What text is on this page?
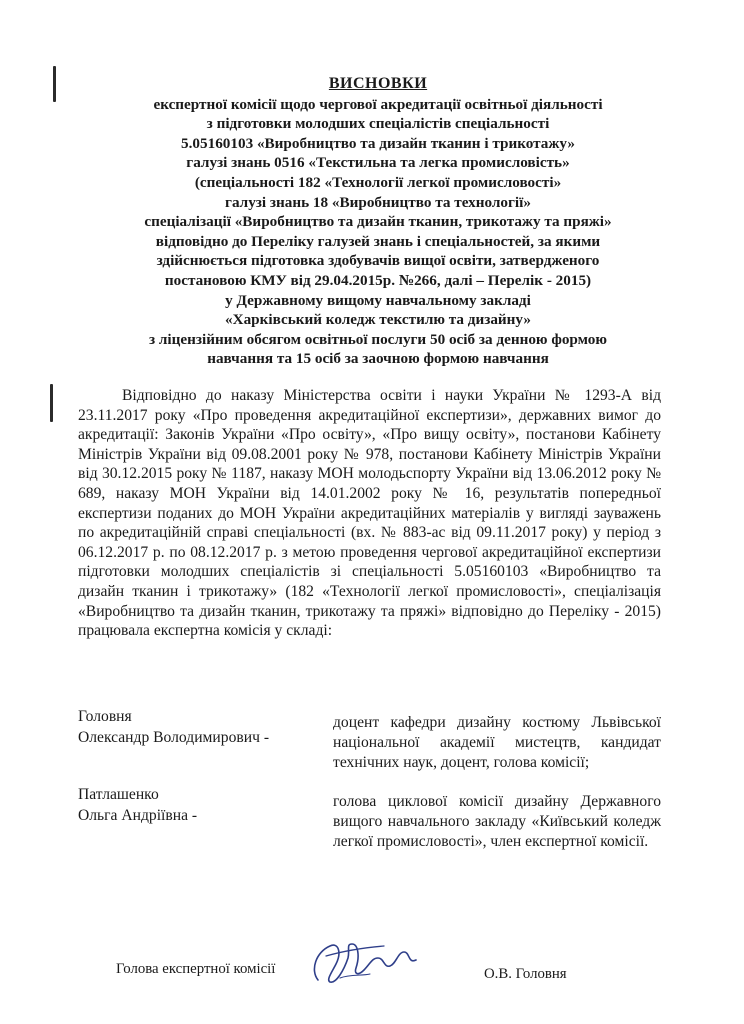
ВИСНОВКИ
експертної комісії щодо чергової акредитації освітньої діяльності
з підготовки молодших спеціалістів спеціальності
5.05160103 «Виробництво та дизайн тканин і трикотажу»
галузі знань 0516 «Текстильна та легка промисловість»
(спеціальності 182 «Технології легкої промисловості»
галузі знань 18 «Виробництво та технології»
спеціалізації «Виробництво та дизайн тканин, трикотажу та пряжі»
відповідно до Переліку галузей знань і спеціальностей, за якими
здійснюється підготовка здобувачів вищої освіти, затвердженого
постановою КМУ від 29.04.2015р. №266, далі – Перелік - 2015)
у Державному вищому навчальному закладі
«Харківський коледж текстилю та дизайну»
з ліцензійним обсягом освітньої послуги 50 осіб за денною формою
навчання та 15 осіб за заочною формою навчання
Відповідно до наказу Міністерства освіти і науки України № 1293-А від 23.11.2017 року «Про проведення акредитаційної експертизи», державних вимог до акредитації: Законів України «Про освіту», «Про вищу освіту», постанови Кабінету Міністрів України від 09.08.2001 року № 978, постанови Кабінету Міністрів України від 30.12.2015 року № 1187, наказу МОН молодьспорту України від 13.06.2012 року № 689, наказу МОН України від 14.01.2002 року № 16, результатів попередньої експертизи поданих до МОН України акредитаційних матеріалів у вигляді зауважень по акредитаційній справі спеціальності (вх. № 883-ас від 09.11.2017 року) у період з 06.12.2017 р. по 08.12.2017 р. з метою проведення чергової акредитаційної експертизи підготовки молодших спеціалістів зі спеціальності 5.05160103 «Виробництво та дизайн тканин і трикотажу» (182 «Технології легкої промисловості», спеціалізація «Виробництво та дизайн тканин, трикотажу та пряжі» відповідно до Переліку - 2015) працювала експертна комісія у складі:
Головня
Олександр Володимирович -
доцент кафедри дизайну костюму Львівської національної академії мистецтв, кандидат технічних наук, доцент, голова комісії;
Патлашенко
Ольга Андріївна -
голова циклової комісії дизайну Державного вищого навчального закладу «Київський коледж легкої промисловості», член експертної комісії.
Голова експертної комісії	О.В. Головня
